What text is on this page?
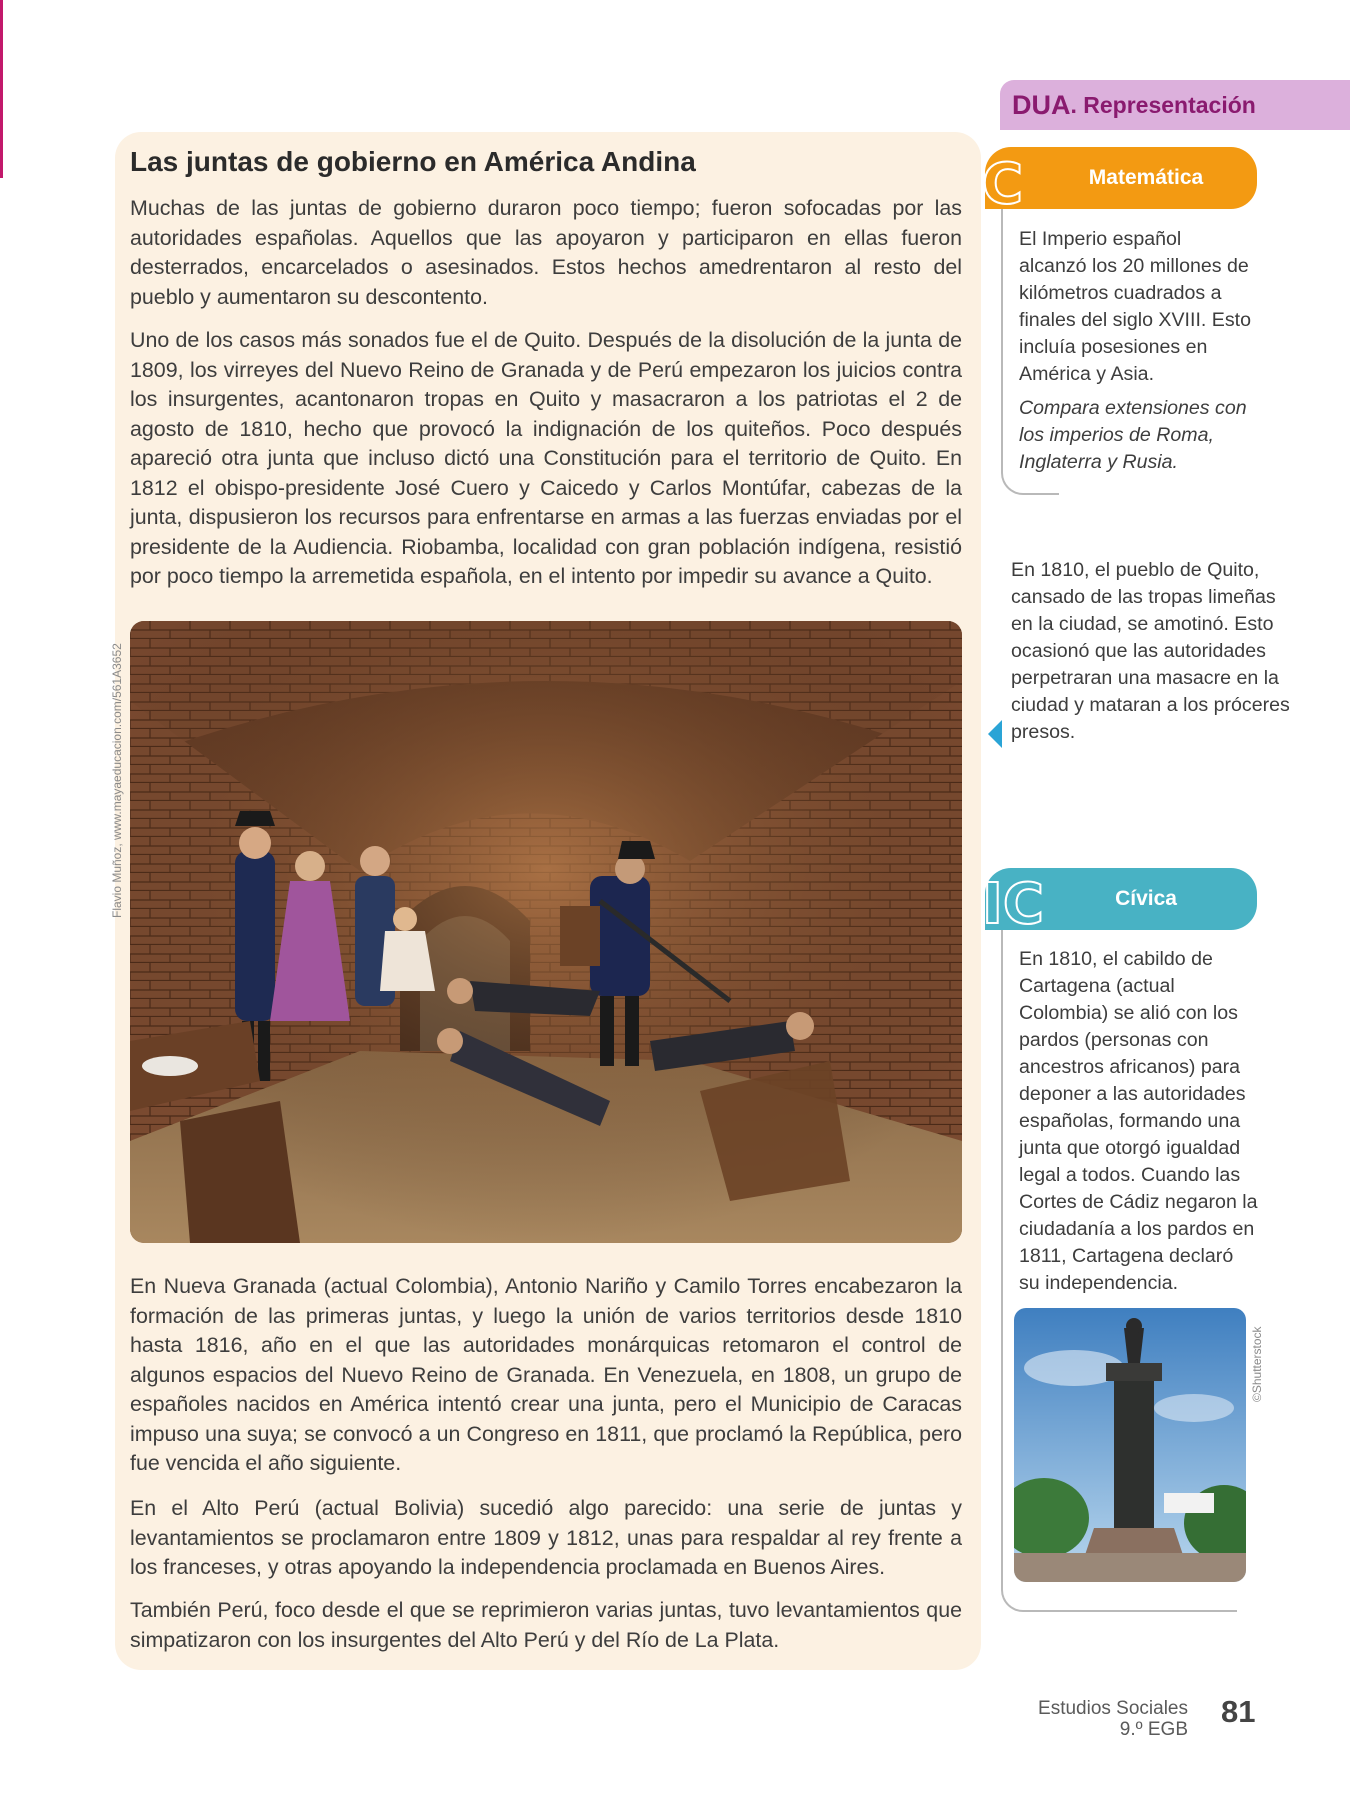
DUA . Representación
Las juntas de gobierno en América Andina

Muchas de las juntas de gobierno duraron poco tiempo; fueron sofocadas por las autoridades españolas. Aquellos que las apoyaron y participaron en ellas fueron desterrados, encarcelados o asesinados. Estos hechos amedrentaron al resto del pueblo y aumentaron su descontento.

Uno de los casos más sonados fue el de Quito. Después de la disolución de la junta de 1809, los virreyes del Nuevo Reino de Granada y de Perú empezaron los juicios contra los insurgentes, acantonaron tropas en Quito y masacraron a los patriotas el 2 de agosto de 1810, hecho que provocó la indignación de los quiteños. Poco después apareció otra junta que incluso dictó una Constitución para el territorio de Quito. En 1812 el obispo-presidente José Cuero y Caicedo y Carlos Montúfar, cabezas de la junta, dispusieron los recursos para enfrentarse en armas a las fuerzas enviadas por el presidente de la Audiencia. Riobamba, localidad con gran población indígena, resistió por poco tiempo la arremetida española, en el intento por impedir su avance a Quito.

Flavio Muñoz, www.mayaeducacion.com/561A3652

En Nueva Granada (actual Colombia), Antonio Nariño y Camilo Torres encabezaron la formación de las primeras juntas, y luego la unión de varios territorios desde 1810 hasta 1816, año en el que las autoridades monárquicas retomaron el control de algunos espacios del Nuevo Reino de Granada. En Venezuela, en 1808, un grupo de españoles nacidos en América intentó crear una junta, pero el Municipio de Caracas impuso una suya; se convocó a un Congreso en 1811, que proclamó la República, pero fue vencida el año siguiente.

En el Alto Perú (actual Bolivia) sucedió algo parecido: una serie de juntas y levantamientos se proclamaron entre 1809 y 1812, unas para respaldar al rey frente a los franceses, y otras apoyando la independencia proclamada en Buenos Aires.

También Perú, foco desde el que se reprimieron varias juntas, tuvo levantamientos que simpatizaron con los insurgentes del Alto Perú y del Río de La Plata.

Matemática
C

El Imperio español alcanzó los 20 millones de kilómetros cuadrados a finales del siglo XVIII. Esto incluía posesiones en América y Asia.

Compara extensiones con los imperios de Roma, Inglaterra y Rusia.

En 1810, el pueblo de Quito, cansado de las tropas limeñas en la ciudad, se amotinó. Esto ocasionó que las autoridades perpetraran una masacre en la ciudad y mataran a los próceres presos.

Cívica
IC

En 1810, el cabildo de Cartagena (actual Colombia) se alió con los pardos (personas con ancestros africanos) para deponer a las autoridades españolas, formando una junta que otorgó igualdad legal a todos. Cuando las Cortes de Cádiz negaron la ciudadanía a los pardos en 1811, Cartagena declaró su independencia.

©Shutterstock
Estudios Sociales
9.º EGB
81
